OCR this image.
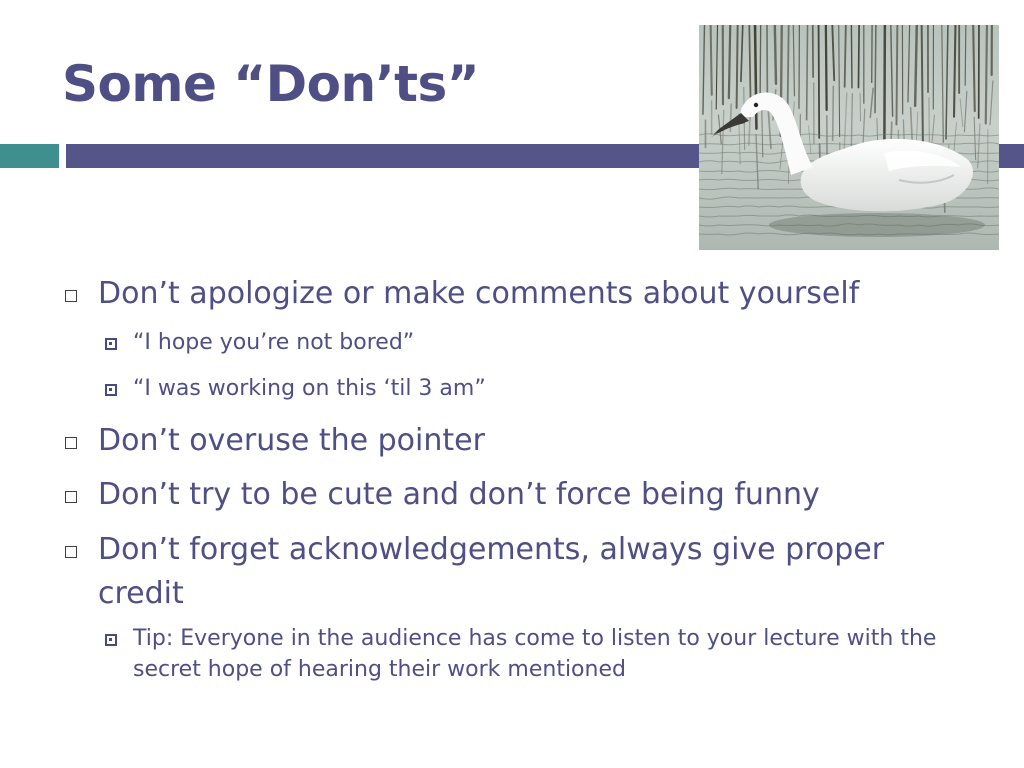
Some “Don’ts”
Don’t apologize or make comments about yourself
“I hope you’re not bored”
“I was working on this ‘til 3 am”
Don’t overuse the pointer
Don’t try to be cute and don’t force being funny
Don’t forget acknowledgements, always give proper credit
Tip: Everyone in the audience has come to listen to your lecture with the secret hope of hearing their work mentioned
